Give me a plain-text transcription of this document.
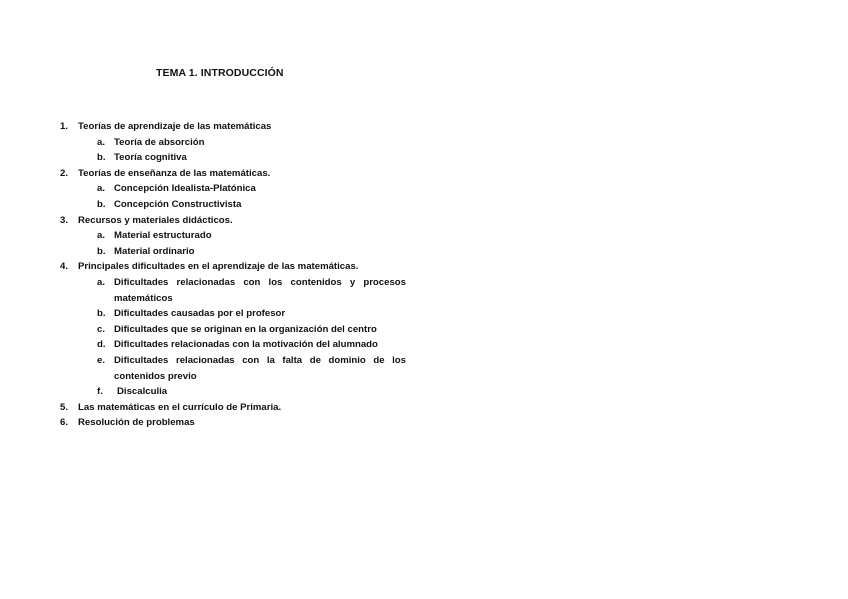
TEMA 1. INTRODUCCIÓN
1. Teorías de aprendizaje de las matemáticas
a. Teoría de absorción
b. Teoría cognitiva
2. Teorías de enseñanza de las matemáticas.
a. Concepción Idealista-Platónica
b. Concepción Constructivista
3. Recursos y materiales didácticos.
a. Material estructurado
b. Material ordinario
4. Principales dificultades en el aprendizaje de las matemáticas.
a. Dificultades relacionadas con los contenidos y procesos matemáticos
b. Dificultades causadas por el profesor
c. Dificultades que se originan en la organización del centro
d. Dificultades relacionadas con la motivación del alumnado
e. Dificultades relacionadas con la falta de dominio de los contenidos previo
f. Discalculia
5. Las matemáticas en el currículo de Primaria.
6. Resolución de problemas
